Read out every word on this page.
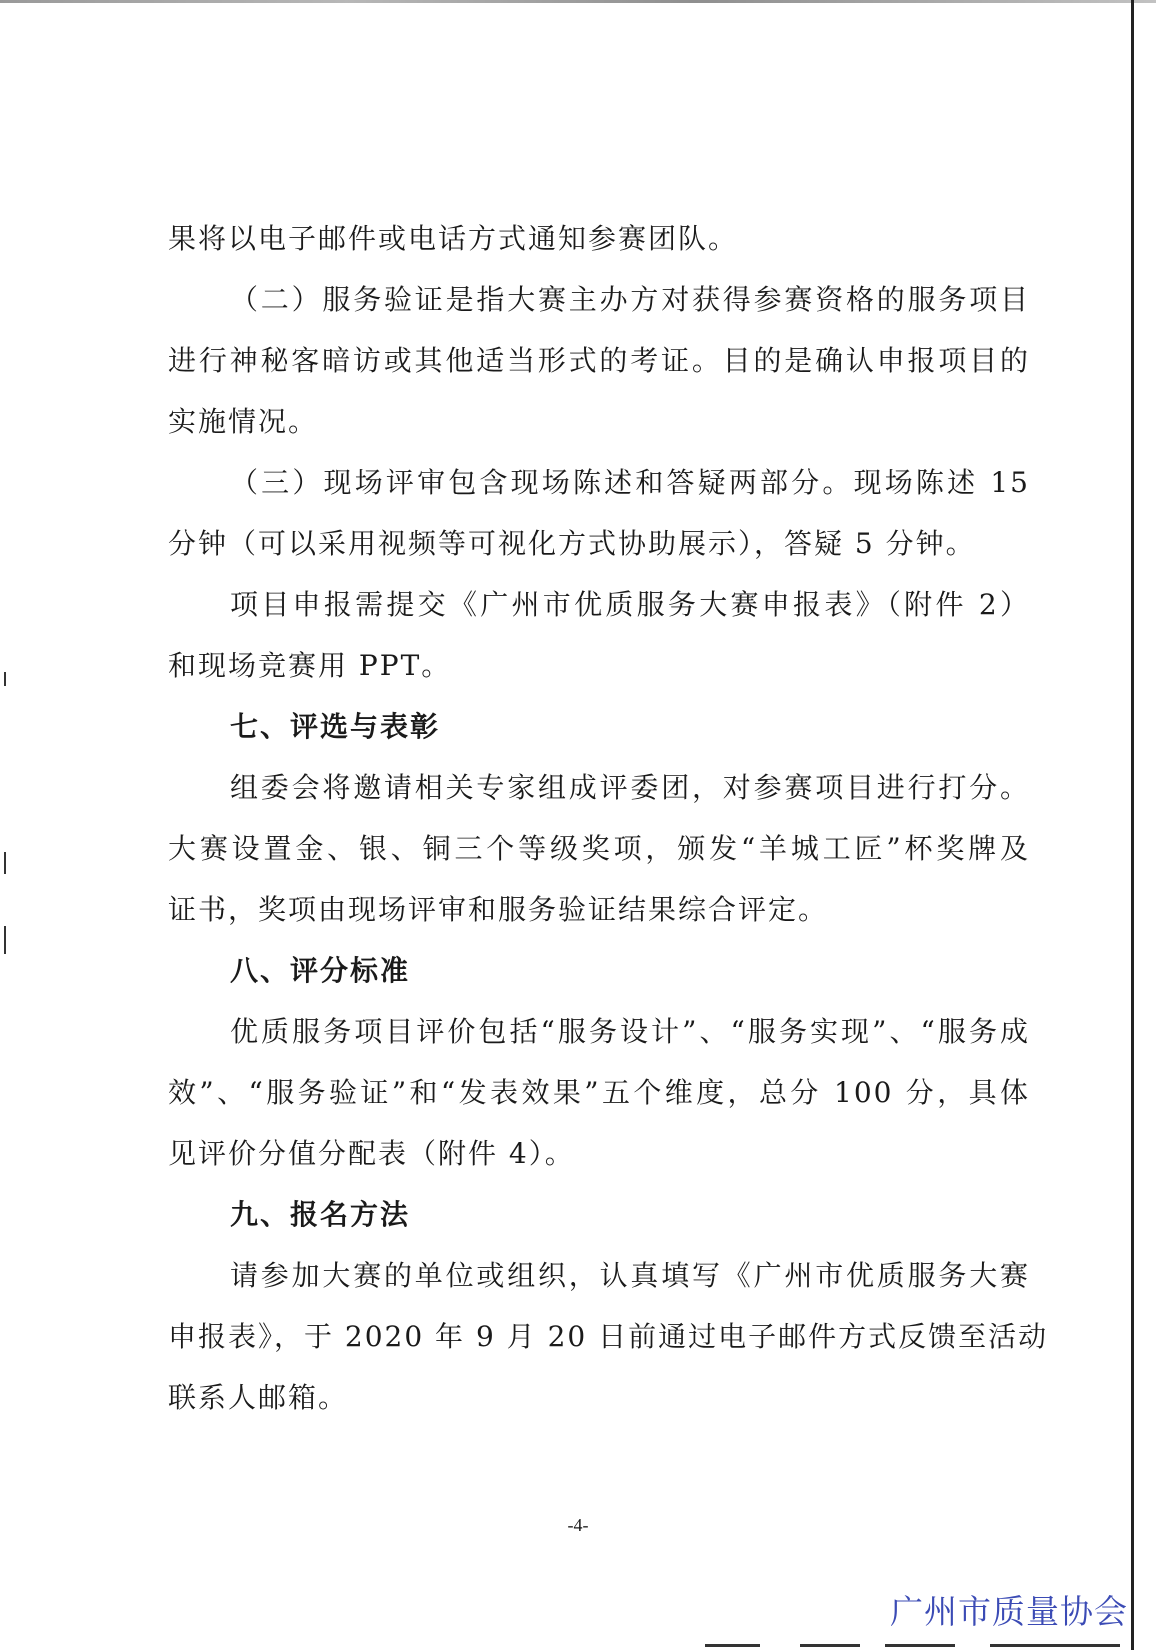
果将以电子邮件或电话方式通知参赛团队。
（二）服务验证是指大赛主办方对获得参赛资格的服务项目
进行神秘客暗访或其他适当形式的考证。目的是确认申报项目的
实施情况。
（三）现场评审包含现场陈述和答疑两部分。现场陈述 15
分钟（可以采用视频等可视化方式协助展示），答疑 5 分钟。
项目申报需提交《广州市优质服务大赛申报表》（附件 2）
和现场竞赛用 PPT。
七、评选与表彰
组委会将邀请相关专家组成评委团，对参赛项目进行打分。
大赛设置金、银、铜三个等级奖项，颁发“羊城工匠”杯奖牌及
证书，奖项由现场评审和服务验证结果综合评定。
八、评分标准
优质服务项目评价包括“服务设计”、“服务实现”、“服务成
效”、“服务验证”和“发表效果”五个维度，总分 100 分，具体
见评价分值分配表（附件 4）。
九、报名方法
请参加大赛的单位或组织，认真填写《广州市优质服务大赛
申报表》，于 2020 年 9 月 20 日前通过电子邮件方式反馈至活动
联系人邮箱。
-4-
广州市质量协会
